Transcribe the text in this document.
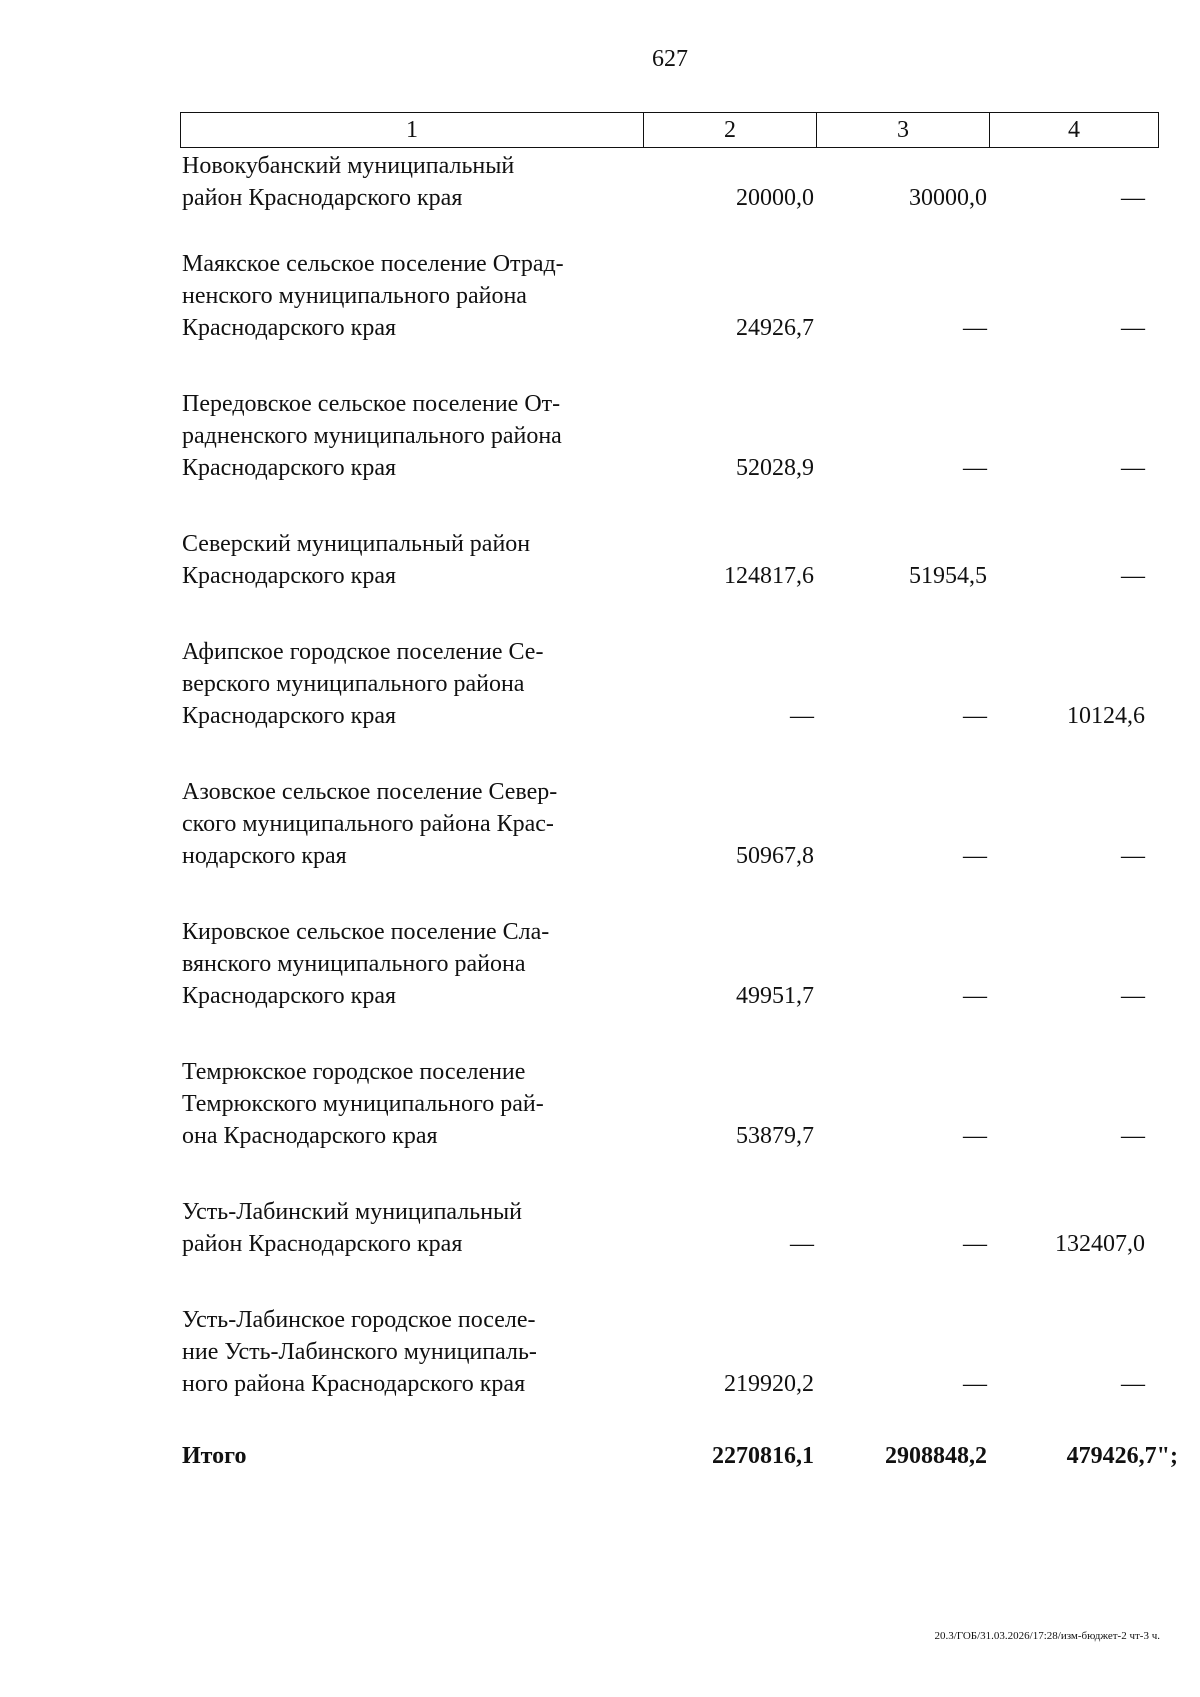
627
1	2	3	4
Новокубанский муниципальный
район Краснодарского края	20000,0	30000,0	—
Маякское сельское поселение Отрад-
ненского муниципального района
Краснодарского края	24926,7	—	—
Передовское сельское поселение От-
радненского муниципального района
Краснодарского края	52028,9	—	—
Северский муниципальный район
Краснодарского края	124817,6	51954,5	—
Афипское городское поселение Се-
верского муниципального района
Краснодарского края	—	—	10124,6
Азовское сельское поселение Север-
ского муниципального района Крас-
нодарского края	50967,8	—	—
Кировское сельское поселение Сла-
вянского муниципального района
Краснодарского края	49951,7	—	—
Темрюкское городское поселение
Темрюкского муниципального рай-
она Краснодарского края	53879,7	—	—
Усть-Лабинский муниципальный
район Краснодарского края	—	—	132407,0
Усть-Лабинское городское поселе-
ние Усть-Лабинского муниципаль-
ного района Краснодарского края	219920,2	—	—
Итого	2270816,1	2908848,2	479426,7";
20.3/ГОБ/31.03.2026/17:28/изм-бюджет-2 чт-3 ч.
